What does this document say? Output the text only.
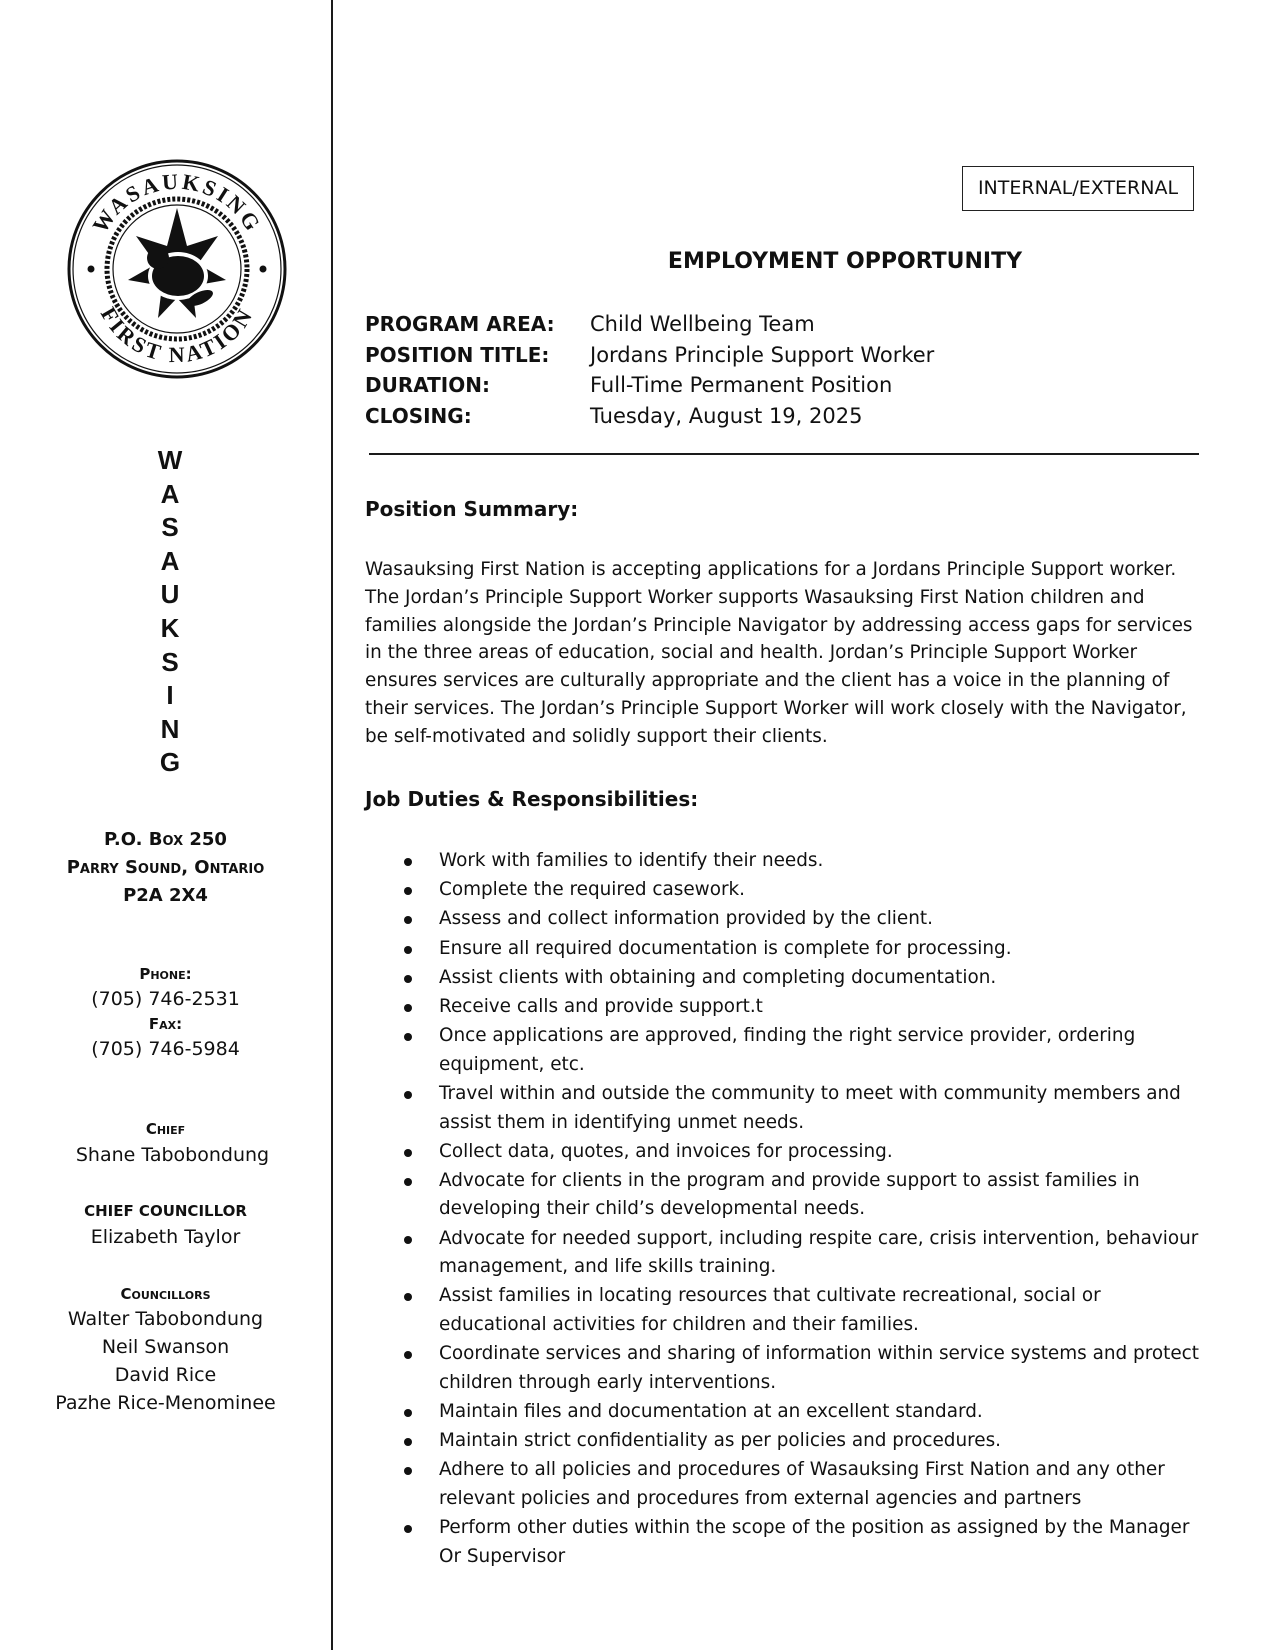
WASAUKSING
FIRST NATION
W
A
S
A
U
K
S
I
N
G
P.O. Box 250
Parry Sound, Ontario
P2A 2X4
Phone:
(705) 746-2531
Fax:
(705) 746-5984
Chief
Shane Tabobondung
CHIEF COUNCILLOR
Elizabeth Taylor
Councillors
Walter Tabobondung
Neil Swanson
David Rice
Pazhe Rice-Menominee
INTERNAL/EXTERNAL
EMPLOYMENT OPPORTUNITY
PROGRAM AREA:	Child Wellbeing Team
POSITION TITLE:	Jordans Principle Support Worker
DURATION:	Full-Time Permanent Position
CLOSING:	Tuesday, August 19, 2025
Position Summary:
Wasauksing First Nation is accepting applications for a Jordans Principle Support worker. The Jordan’s Principle Support Worker supports Wasauksing First Nation children and families alongside the Jordan’s Principle Navigator by addressing access gaps for services in the three areas of education, social and health. Jordan’s Principle Support Worker ensures services are culturally appropriate and the client has a voice in the planning of their services. The Jordan’s Principle Support Worker will work closely with the Navigator, be self-motivated and solidly support their clients.
Job Duties & Responsibilities:
Work with families to identify their needs.
Complete the required casework.
Assess and collect information provided by the client.
Ensure all required documentation is complete for processing.
Assist clients with obtaining and completing documentation.
Receive calls and provide support.t
Once applications are approved, finding the right service provider, ordering equipment, etc.
Travel within and outside the community to meet with community members and assist them in identifying unmet needs.
Collect data, quotes, and invoices for processing.
Advocate for clients in the program and provide support to assist families in developing their child’s developmental needs.
Advocate for needed support, including respite care, crisis intervention, behaviour management, and life skills training.
Assist families in locating resources that cultivate recreational, social or educational activities for children and their families.
Coordinate services and sharing of information within service systems and protect children through early interventions.
Maintain files and documentation at an excellent standard.
Maintain strict confidentiality as per policies and procedures.
Adhere to all policies and procedures of Wasauksing First Nation and any other relevant policies and procedures from external agencies and partners
Perform other duties within the scope of the position as assigned by the Manager Or Supervisor
